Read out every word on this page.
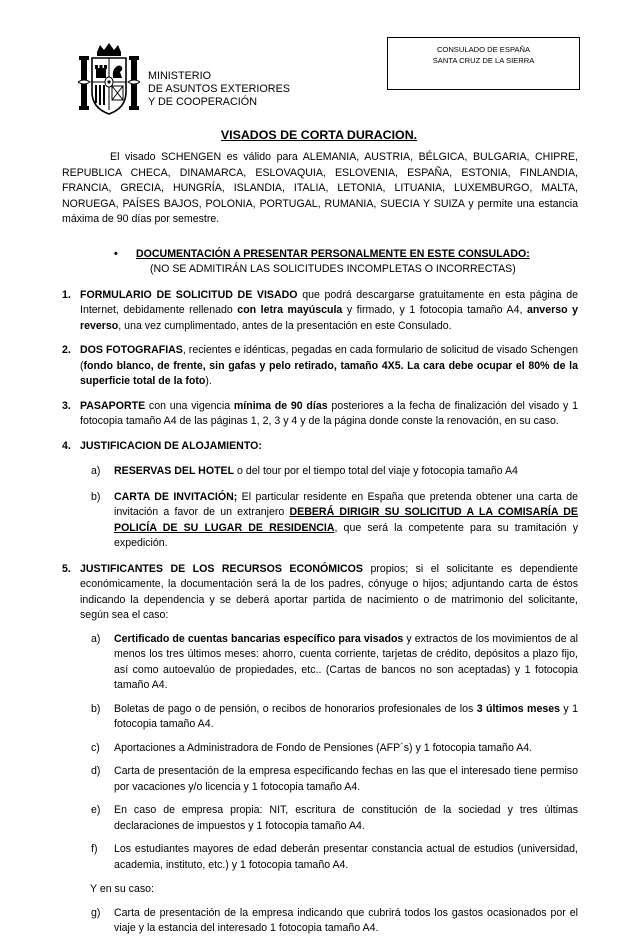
MINISTERIO
DE ASUNTOS EXTERIORES
Y DE COOPERACIÓN
CONSULADO DE ESPAÑA
SANTA CRUZ DE LA SIERRA
VISADOS DE CORTA DURACION.

El visado SCHENGEN es válido para ALEMANIA, AUSTRIA, BÉLGICA, BULGARIA, CHIPRE, REPUBLICA CHECA, DINAMARCA, ESLOVAQUIA, ESLOVENIA, ESPAÑA, ESTONIA, FINLANDIA, FRANCIA, GRECIA, HUNGRÍA, ISLANDIA, ITALIA, LETONIA, LITUANIA, LUXEMBURGO, MALTA, NORUEGA, PAÍSES BAJOS, POLONIA, PORTUGAL, RUMANIA, SUECIA Y SUIZA y permite una estancia máxima de 90 días por semestre.

• DOCUMENTACIÓN A PRESENTAR PERSONALMENTE EN ESTE CONSULADO:
(NO SE ADMITIRÁN LAS SOLICITUDES INCOMPLETAS O INCORRECTAS)
1. FORMULARIO DE SOLICITUD DE VISADO que podrá descargarse gratuitamente en esta página de Internet, debidamente rellenado con letra mayúscula y firmado, y 1 fotocopia tamaño A4, anverso y reverso, una vez cumplimentado, antes de la presentación en este Consulado.
2. DOS FOTOGRAFIAS, recientes e idénticas, pegadas en cada formulario de solicitud de visado Schengen (fondo blanco, de frente, sin gafas y pelo retirado, tamaño 4X5. La cara debe ocupar el 80% de la superficie total de la foto).
3. PASAPORTE con una vigencia mínima de 90 días posteriores a la fecha de finalización del visado y 1 fotocopia tamaño A4 de las páginas 1, 2, 3 y 4 y de la página donde conste la renovación, en su caso.
4. JUSTIFICACION DE ALOJAMIENTO:
a) RESERVAS DEL HOTEL o del tour por el tiempo total del viaje y fotocopia tamaño A4
b) CARTA DE INVITACIÓN; El particular residente en España que pretenda obtener una carta de invitación a favor de un extranjero DEBERÁ DIRIGIR SU SOLICITUD A LA COMISARÍA DE POLICÍA DE SU LUGAR DE RESIDENCIA, que será la competente para su tramitación y expedición.
5. JUSTIFICANTES DE LOS RECURSOS ECONÓMICOS propios; si el solicitante es dependiente económicamente, la documentación será la de los padres, cónyuge o hijos; adjuntando carta de éstos indicando la dependencia y se deberá aportar partida de nacimiento o de matrimonio del solicitante, según sea el caso:
a) Certificado de cuentas bancarias específico para visados y extractos de los movimientos de al menos los tres últimos meses: ahorro, cuenta corriente, tarjetas de crédito, depósitos a plazo fijo, así como autoevalúo de propiedades, etc.. (Cartas de bancos no son aceptadas) y 1 fotocopia tamaño A4.
b) Boletas de pago o de pensión, o recibos de honorarios profesionales de los 3 últimos meses y 1 fotocopia tamaño A4.
c) Aportaciones a Administradora de Fondo de Pensiones (AFP´s) y 1 fotocopia tamaño A4.
d) Carta de presentación de la empresa especificando fechas en las que el interesado tiene permiso por vacaciones y/o licencia y 1 fotocopia tamaño A4.
e) En caso de empresa propia: NIT, escritura de constitución de la sociedad y tres últimas declaraciones de impuestos y 1 fotocopia tamaño A4.
f) Los estudiantes mayores de edad deberán presentar constancia actual de estudios (universidad, academia, instituto, etc.) y 1 fotocopia tamaño A4.
Y en su caso:
g) Carta de presentación de la empresa indicando que cubrirá todos los gastos ocasionados por el viaje y la estancia del interesado 1 fotocopia tamaño A4.
